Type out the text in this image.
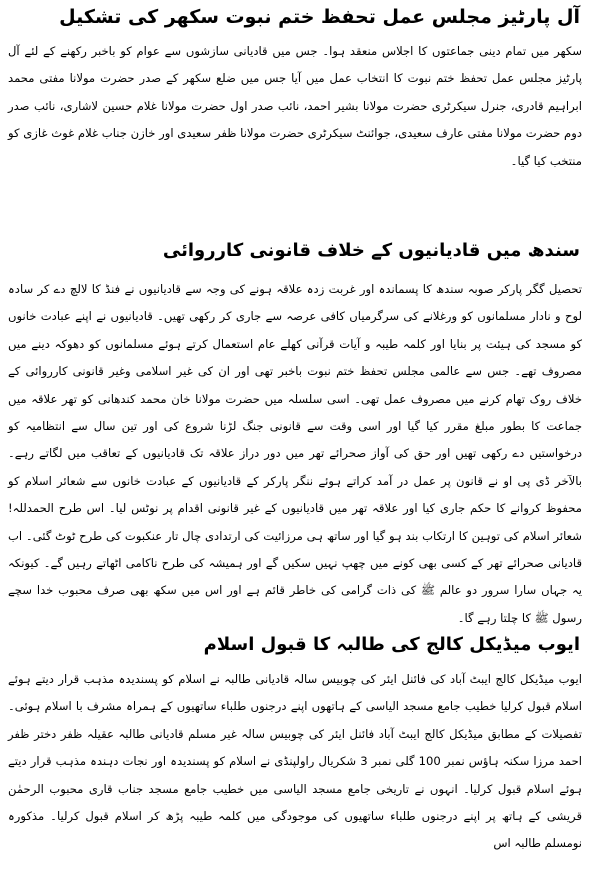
آل پارٹیز مجلس عمل تحفظ ختم نبوت سکھر کی تشکیل

سکھر میں تمام دینی جماعتوں کا اجلاس منعقد ہوا۔ جس میں قادیانی سازشوں سے عوام کو باخبر رکھنے کے لئے آل پارٹیز مجلس عمل تحفظ ختم نبوت کا انتخاب عمل میں آیا جس میں ضلع سکھر کے صدر حضرت مولانا مفتی محمد ابراہیم قادری، جنرل سیکرٹری حضرت مولانا بشیر احمد، نائب صدر اول حضرت مولانا غلام حسین لاشاری، نائب صدر دوم حضرت مولانا مفتی عارف سعیدی، جوائنٹ سیکرٹری حضرت مولانا ظفر سعیدی اور خازن جناب غلام غوث غازی کو منتخب کیا گیا۔

سندھ میں قادیانیوں کے خلاف قانونی کارروائی

تحصیل گگر پارکر صوبہ سندھ کا پسماندہ اور غربت زدہ علاقہ ہونے کی وجہ سے قادیانیوں نے فنڈ کا لالچ دے کر سادہ لوح و نادار مسلمانوں کو ورغلانے کی سرگرمیاں کافی عرصہ سے جاری کر رکھی تھیں۔ قادیانیوں نے اپنے عبادت خانوں کو مسجد کی ہیئت پر بنایا اور کلمہ طیبہ و آیات قرآنی کھلے عام استعمال کرتے ہوئے مسلمانوں کو دھوکہ دینے میں مصروف تھے۔ جس سے عالمی مجلس تحفظ ختم نبوت باخبر تھی اور ان کی غیر اسلامی وغیر قانونی کارروائی کے خلاف روک تھام کرنے میں مصروف عمل تھی۔ اسی سلسلہ میں حضرت مولانا خان محمد کندھانی کو تھر علاقہ میں جماعت کا بطور مبلغ مقرر کیا گیا اور اسی وقت سے قانونی جنگ لڑنا شروع کی اور تین سال سے انتظامیہ کو درخواستیں دے رکھی تھیں اور حق کی آواز صحرائے تھر میں دور دراز علاقہ تک قادیانیوں کے تعاقب میں لگاتے رہے۔ بالآخر ڈی پی او نے قانون پر عمل در آمد کراتے ہوئے ننگر پارکر کے قادیانیوں کے عبادت خانوں سے شعائر اسلام کو محفوظ کروانے کا حکم جاری کیا اور علاقہ تھر میں قادیانیوں کے غیر قانونی اقدام پر نوٹس لیا۔ اس طرح الحمدللہ! شعائر اسلام کی توہین کا ارتکاب بند ہو گیا اور ساتھ ہی مرزائیت کی ارتدادی چال تار عنکبوت کی طرح ٹوٹ گئی۔ اب قادیانی صحرائے تھر کے کسی بھی کونے میں چھپ نہیں سکیں گے اور ہمیشہ کی طرح ناکامی اٹھاتے رہیں گے۔ کیونکہ یہ جہاں سارا سرور دو عالم ﷺ کی ذات گرامی کی خاطر قائم ہے اور اس میں سکھ بھی صرف محبوب خدا سچے رسول ﷺ کا چلتا رہے گا۔

ایوب میڈیکل کالج کی طالبہ کا قبول اسلام

ایوب میڈیکل کالج ایبٹ آباد کی فائنل ایئر کی چوبیس سالہ قادیانی طالبہ نے اسلام کو پسندیدہ مذہب قرار دیتے ہوئے اسلام قبول کرلیا خطیب جامع مسجد الیاسی کے ہاتھوں اپنے درجنوں طلباء ساتھیوں کے ہمراہ مشرف با اسلام ہوئی۔ تفصیلات کے مطابق میڈیکل کالج ایبٹ آباد فائنل ایئر کی چوبیس سالہ غیر مسلم قادیانی طالبہ عقیلہ ظفر دختر ظفر احمد مرزا سکنہ ہاؤس نمبر 100 گلی نمبر 3 شکریال راولپنڈی نے اسلام کو پسندیدہ اور نجات دہندہ مذہب قرار دیتے ہوئے اسلام قبول کرلیا۔ انہوں نے تاریخی جامع مسجد الیاسی میں خطیب جامع مسجد جناب قاری محبوب الرحمٰن قریشی کے ہاتھ پر اپنے درجنوں طلباء ساتھیوں کی موجودگی میں کلمہ طیبہ پڑھ کر اسلام قبول کرلیا۔ مذکورہ نومسلم طالبہ اس
